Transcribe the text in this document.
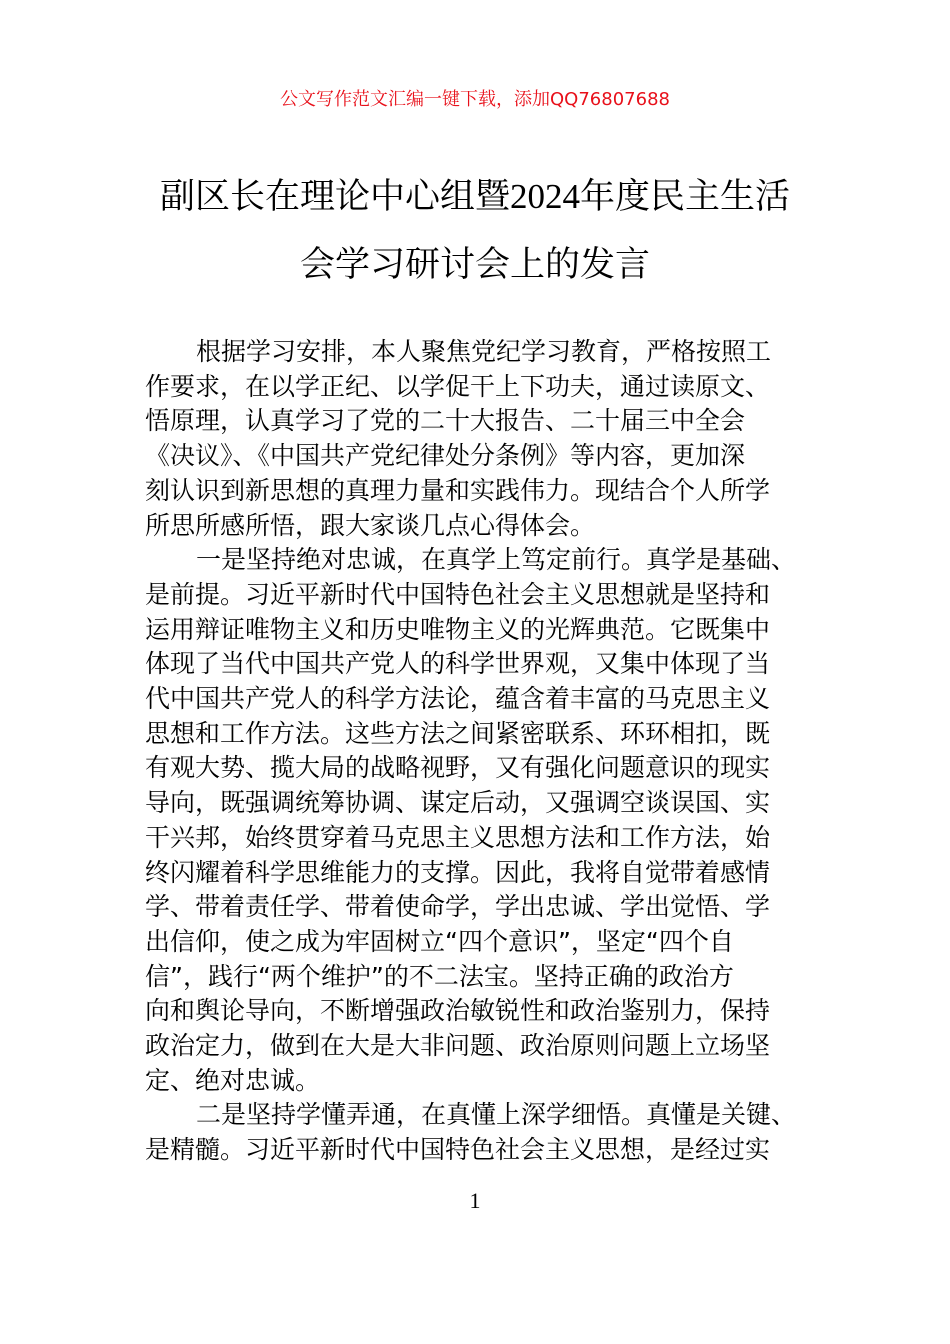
公文写作范文汇编一键下载，添加QQ76807688
副区长在理论中心组暨2024年度民主生活
会学习研讨会上的发言
根据学习安排，本人聚焦党纪学习教育，严格按照工
作要求，在以学正纪、以学促干上下功夫，通过读原文、
悟原理，认真学习了党的二十大报告、二十届三中全会
《决议》、《中国共产党纪律处分条例》等内容，更加深
刻认识到新思想的真理力量和实践伟力。现结合个人所学
所思所感所悟，跟大家谈几点心得体会。
一是坚持绝对忠诚，在真学上笃定前行。真学是基础、
是前提。习近平新时代中国特色社会主义思想就是坚持和
运用辩证唯物主义和历史唯物主义的光辉典范。它既集中
体现了当代中国共产党人的科学世界观，又集中体现了当
代中国共产党人的科学方法论，蕴含着丰富的马克思主义
思想和工作方法。这些方法之间紧密联系、环环相扣，既
有观大势、揽大局的战略视野，又有强化问题意识的现实
导向，既强调统筹协调、谋定后动，又强调空谈误国、实
干兴邦，始终贯穿着马克思主义思想方法和工作方法，始
终闪耀着科学思维能力的支撑。因此，我将自觉带着感情
学、带着责任学、带着使命学，学出忠诚、学出觉悟、学
出信仰，使之成为牢固树立“四个意识”，坚定“四个自
信”，践行“两个维护”的不二法宝。坚持正确的政治方
向和舆论导向，不断增强政治敏锐性和政治鉴别力，保持
政治定力，做到在大是大非问题、政治原则问题上立场坚
定、绝对忠诚。
二是坚持学懂弄通，在真懂上深学细悟。真懂是关键、
是精髓。习近平新时代中国特色社会主义思想，是经过实
1
